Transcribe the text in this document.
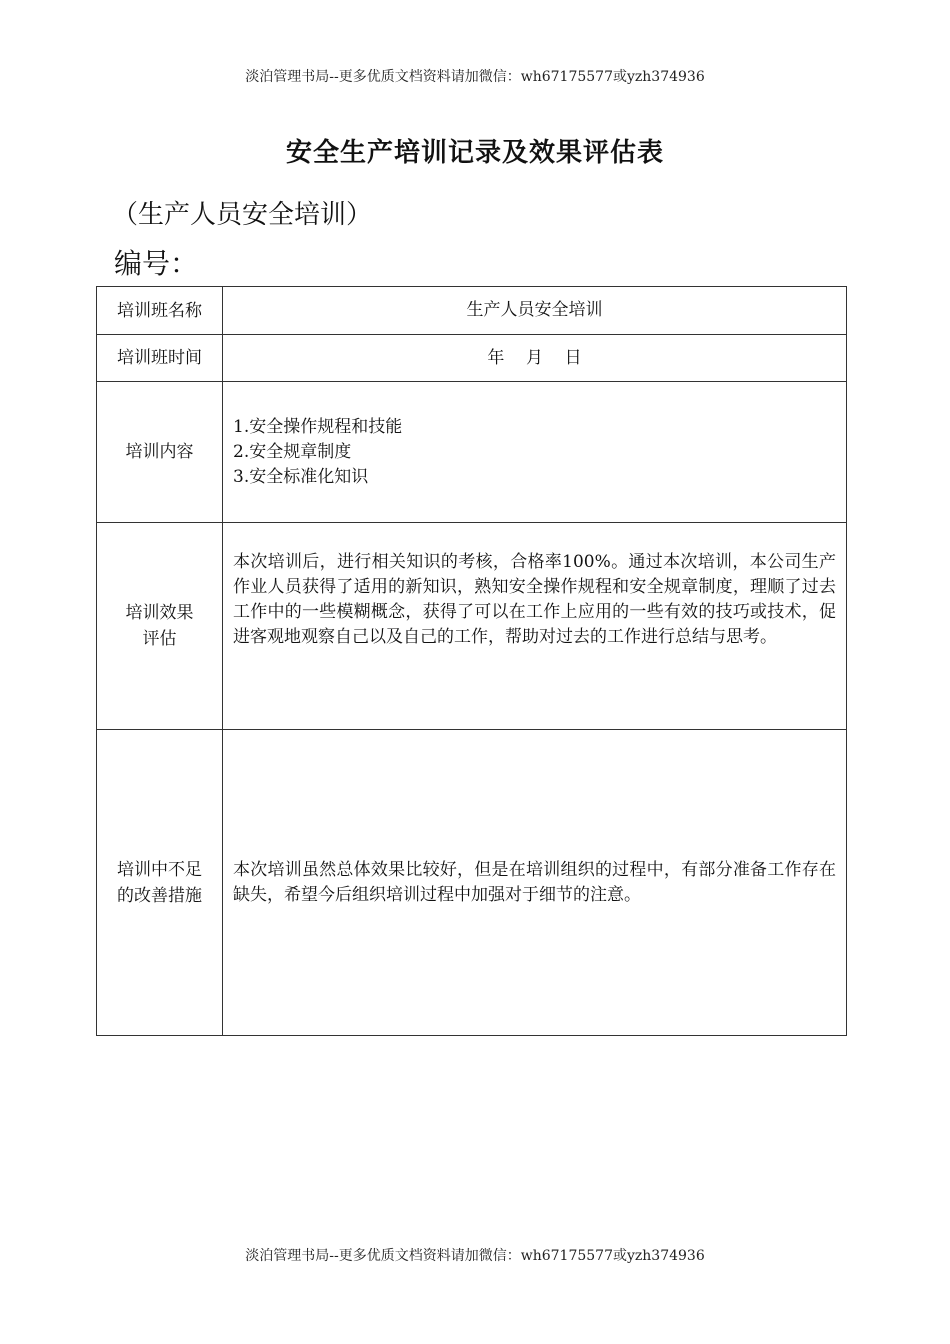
淡泊管理书局--更多优质文档资料请加微信：wh67175577或yzh374936
安全生产培训记录及效果评估表
（生产人员安全培训）
编号：
培训班名称	生产人员安全培训
培训班时间	年    月    日
培训内容	1.安全操作规程和技能
2.安全规章制度
3.安全标准化知识
培训效果
评估	本次培训后，进行相关知识的考核，合格率100%。通过本次培训，本公司生产作业人员获得了适用的新知识，熟知安全操作规程和安全规章制度，理顺了过去工作中的一些模糊概念，获得了可以在工作上应用的一些有效的技巧或技术，促进客观地观察自己以及自己的工作，帮助对过去的工作进行总结与思考。
培训中不足
的改善措施	本次培训虽然总体效果比较好，但是在培训组织的过程中，有部分准备工作存在缺失，希望今后组织培训过程中加强对于细节的注意。
淡泊管理书局--更多优质文档资料请加微信：wh67175577或yzh374936
